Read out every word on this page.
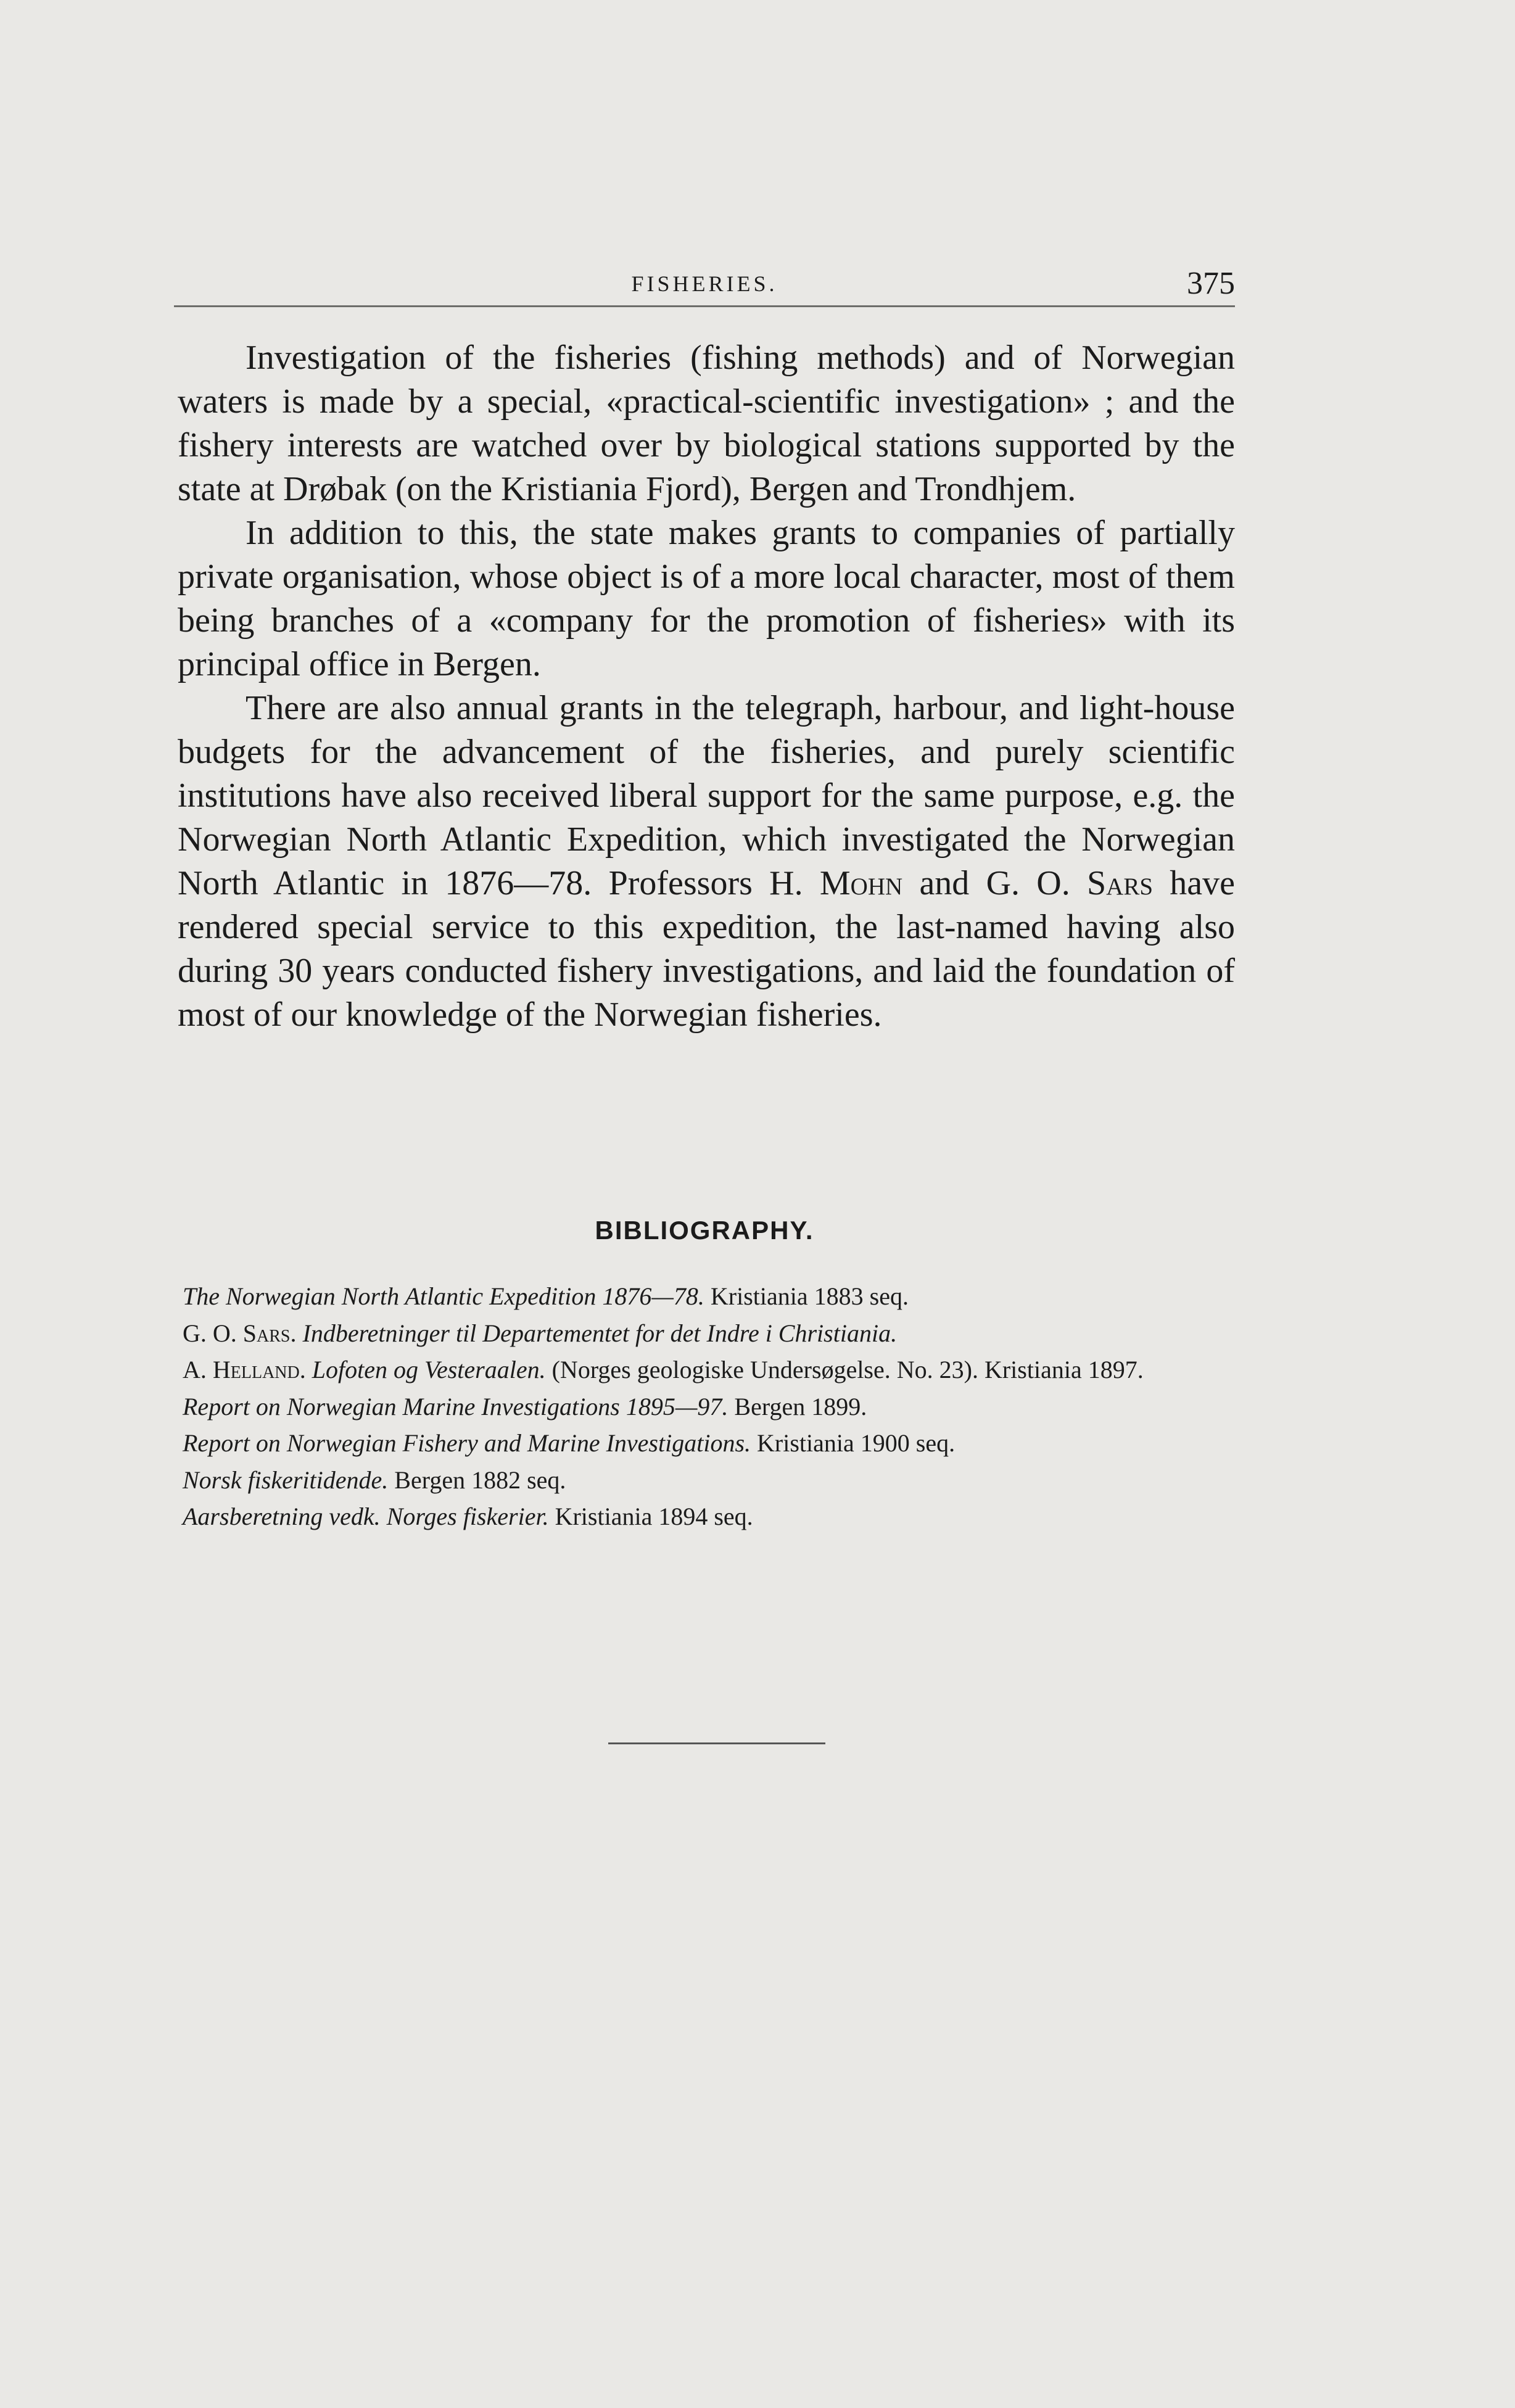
FISHERIES.	375

Investigation of the fisheries (fishing methods) and of Norwegian waters is made by a special, «practical-scientific investigation» ; and the fishery interests are watched over by biological stations supported by the state at Drøbak (on the Kristiania Fjord), Bergen and Trondhjem.

In addition to this, the state makes grants to companies of partially private organisation, whose object is of a more local character, most of them being branches of a «company for the promotion of fisheries» with its principal office in Bergen.

There are also annual grants in the telegraph, harbour, and light-house budgets for the advancement of the fisheries, and purely scientific institutions have also received liberal support for the same purpose, e.g. the Norwegian North Atlantic Expedition, which investigated the Norwegian North Atlantic in 1876—78. Professors H. Mohn and G. O. Sars have rendered special service to this expedition, the last-named having also during 30 years conducted fishery investigations, and laid the foundation of most of our knowledge of the Norwegian fisheries.

BIBLIOGRAPHY.
The Norwegian North Atlantic Expedition 1876—78. Kristiania 1883 seq.
G. O. Sars. Indberetninger til Departementet for det Indre i Christiania.
A. Helland. Lofoten og Vesteraalen. (Norges geologiske Undersøgelse. No. 23). Kristiania 1897.
Report on Norwegian Marine Investigations 1895—97. Bergen 1899.
Report on Norwegian Fishery and Marine Investigations. Kristiania 1900 seq.
Norsk fiskeritidende. Bergen 1882 seq.
Aarsberetning vedk. Norges fiskerier. Kristiania 1894 seq.
